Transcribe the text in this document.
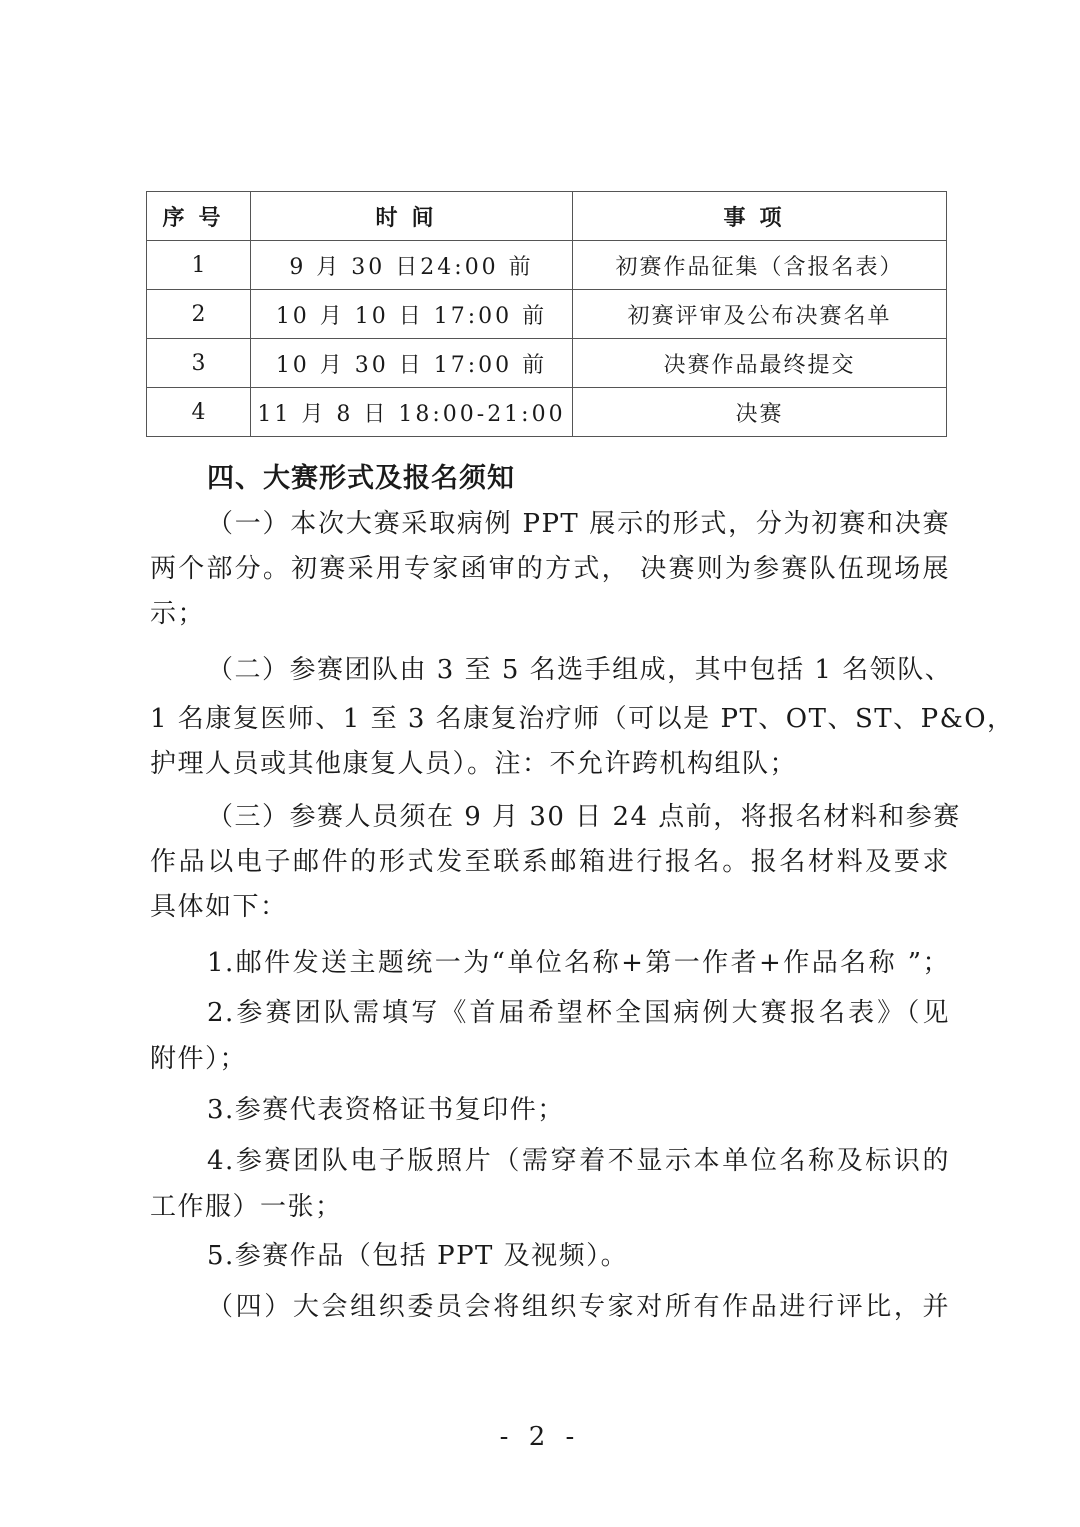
序号	时间	事项
1	9 月 30 日24:00 前	初赛作品征集（含报名表）
2	10 月 10 日 17:00 前	初赛评审及公布决赛名单
3	10 月 30 日 17:00 前	决赛作品最终提交
4	11 月 8 日 18:00-21:00	决赛
四、大赛形式及报名须知
（一）本次大赛采取病例 PPT 展示的形式，分为初赛和决赛
两个部分。初赛采用专家函审的方式， 决赛则为参赛队伍现场展
示；
（二）参赛团队由 3 至 5 名选手组成，其中包括 1 名领队、
1 名康复医师、1 至 3 名康复治疗师（可以是 PT、OT、ST、P&O，
护理人员或其他康复人员）。注：不允许跨机构组队；
（三）参赛人员须在 9 月 30 日 24 点前，将报名材料和参赛
作品以电子邮件的形式发至联系邮箱进行报名。报名材料及要求
具体如下：
1.邮件发送主题统一为“单位名称+第一作者+作品名称 ”；
2.参赛团队需填写《首届希望杯全国病例大赛报名表》（见
附件）；
3.参赛代表资格证书复印件；
4.参赛团队电子版照片（需穿着不显示本单位名称及标识的
工作服）一张；
5.参赛作品（包括 PPT 及视频）。
（四）大会组织委员会将组织专家对所有作品进行评比，并
- 2 -
